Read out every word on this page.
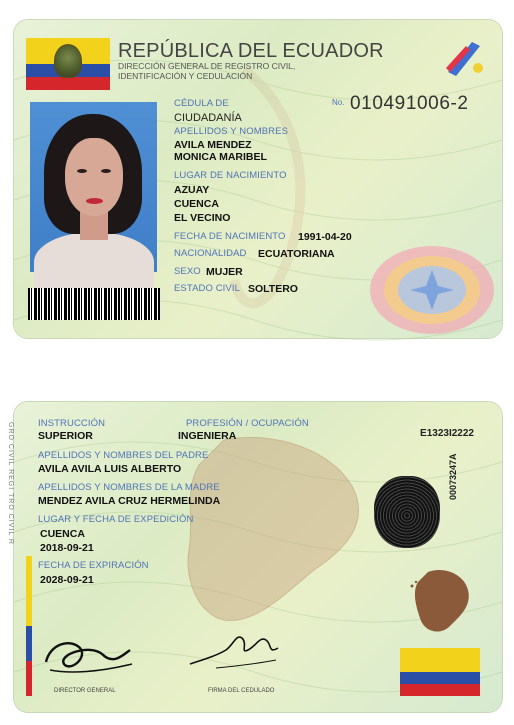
REPÚBLICA DEL ECUADOR
DIRECCIÓN GENERAL DE REGISTRO CIVIL,
IDENTIFICACIÓN Y CEDULACIÓN
CÉDULA DE
CIUDADANÍA
No. 010491006-2
APELLIDOS Y NOMBRES
AVILA MENDEZ
MONICA MARIBEL
LUGAR DE NACIMIENTO
AZUAY
CUENCA
EL VECINO
FECHA DE NACIMIENTO 1991-04-20
NACIONALIDAD ECUATORIANA
SEXO MUJER
ESTADO CIVIL SOLTERO
GRO CIVIL REGI TRO CIVIL R	INSTRUCCIÓN
SUPERIOR
PROFESIÓN / OCUPACIÓN
INGENIERA	E1323I2222
APELLIDOS Y NOMBRES DEL PADRE
AVILA AVILA LUIS ALBERTO
APELLIDOS Y NOMBRES DE LA MADRE
MENDEZ AVILA CRUZ HERMELINDA
LUGAR Y FECHA DE EXPEDICIÓN
CUENCA
2018-09-21
FECHA DE EXPIRACIÓN
2028-09-21
00073247A
DIRECTOR GENERAL	FIRMA DEL CEDULADO
